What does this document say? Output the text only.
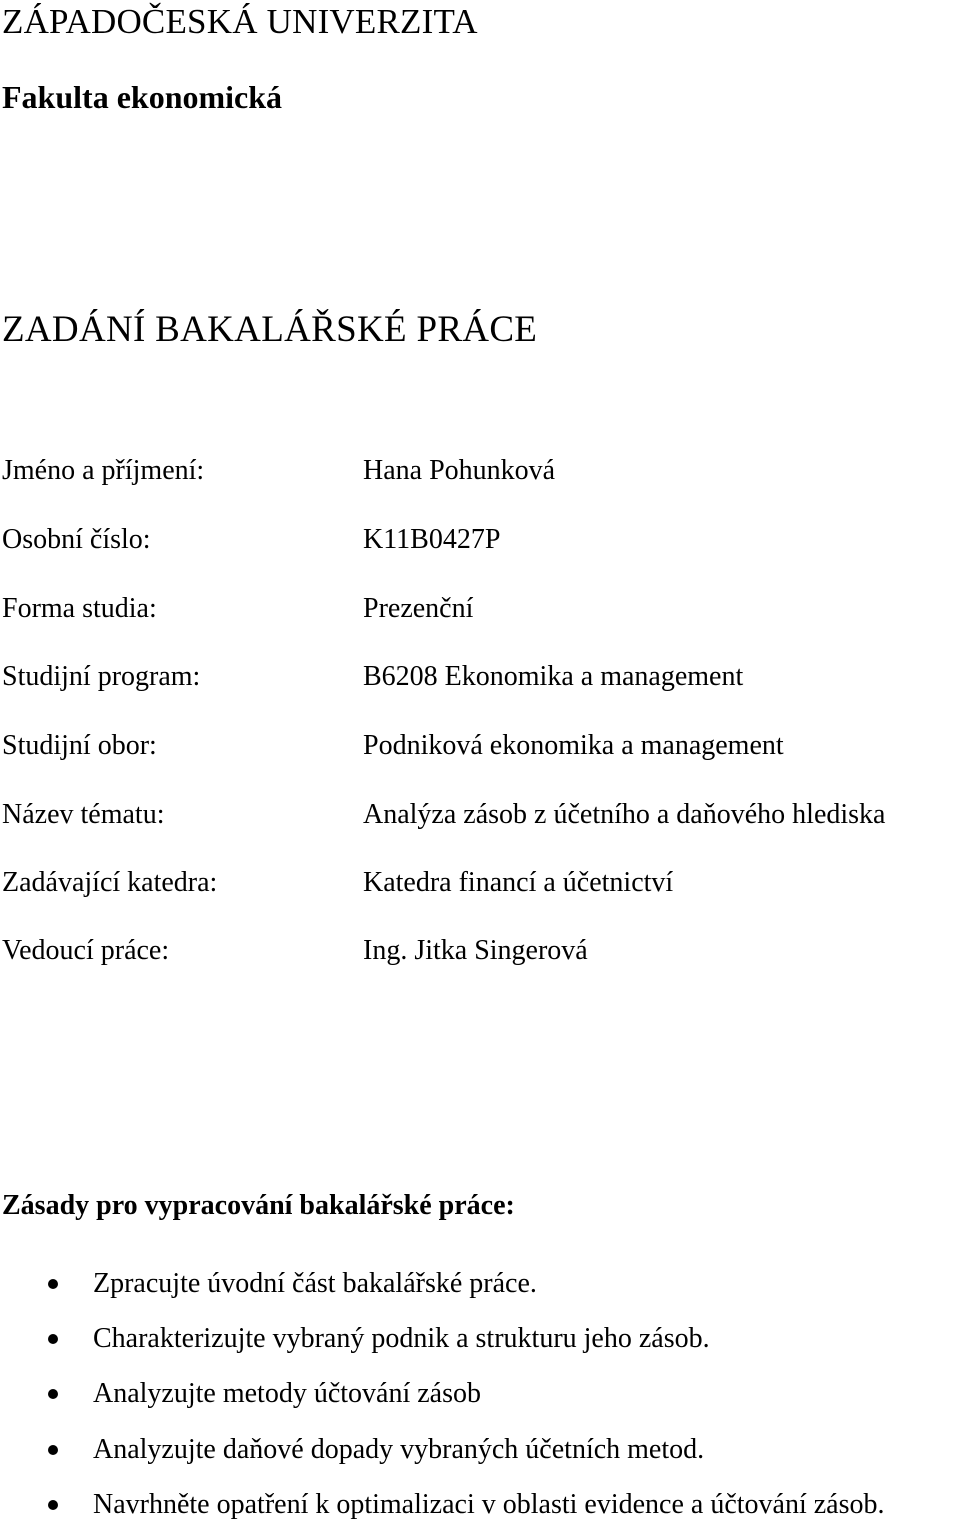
ZÁPADOČESKÁ UNIVERZITA
Fakulta ekonomická
ZADÁNÍ BAKALÁŘSKÉ PRÁCE
Jméno a příjmení:	Hana Pohunková
Osobní číslo:	K11B0427P
Forma studia:	Prezenční
Studijní program:	B6208 Ekonomika a management
Studijní obor:	Podniková ekonomika a management
Název tématu:	Analýza zásob z účetního a daňového hlediska
Zadávající katedra:	Katedra financí a účetnictví
Vedoucí práce:	Ing. Jitka Singerová
Zásady pro vypracování bakalářské práce:
Zpracujte úvodní část bakalářské práce.
Charakterizujte vybraný podnik a strukturu jeho zásob.
Analyzujte metody účtování zásob
Analyzujte daňové dopady vybraných účetních metod.
Navrhněte opatření k optimalizaci v oblasti evidence a účtování zásob.
